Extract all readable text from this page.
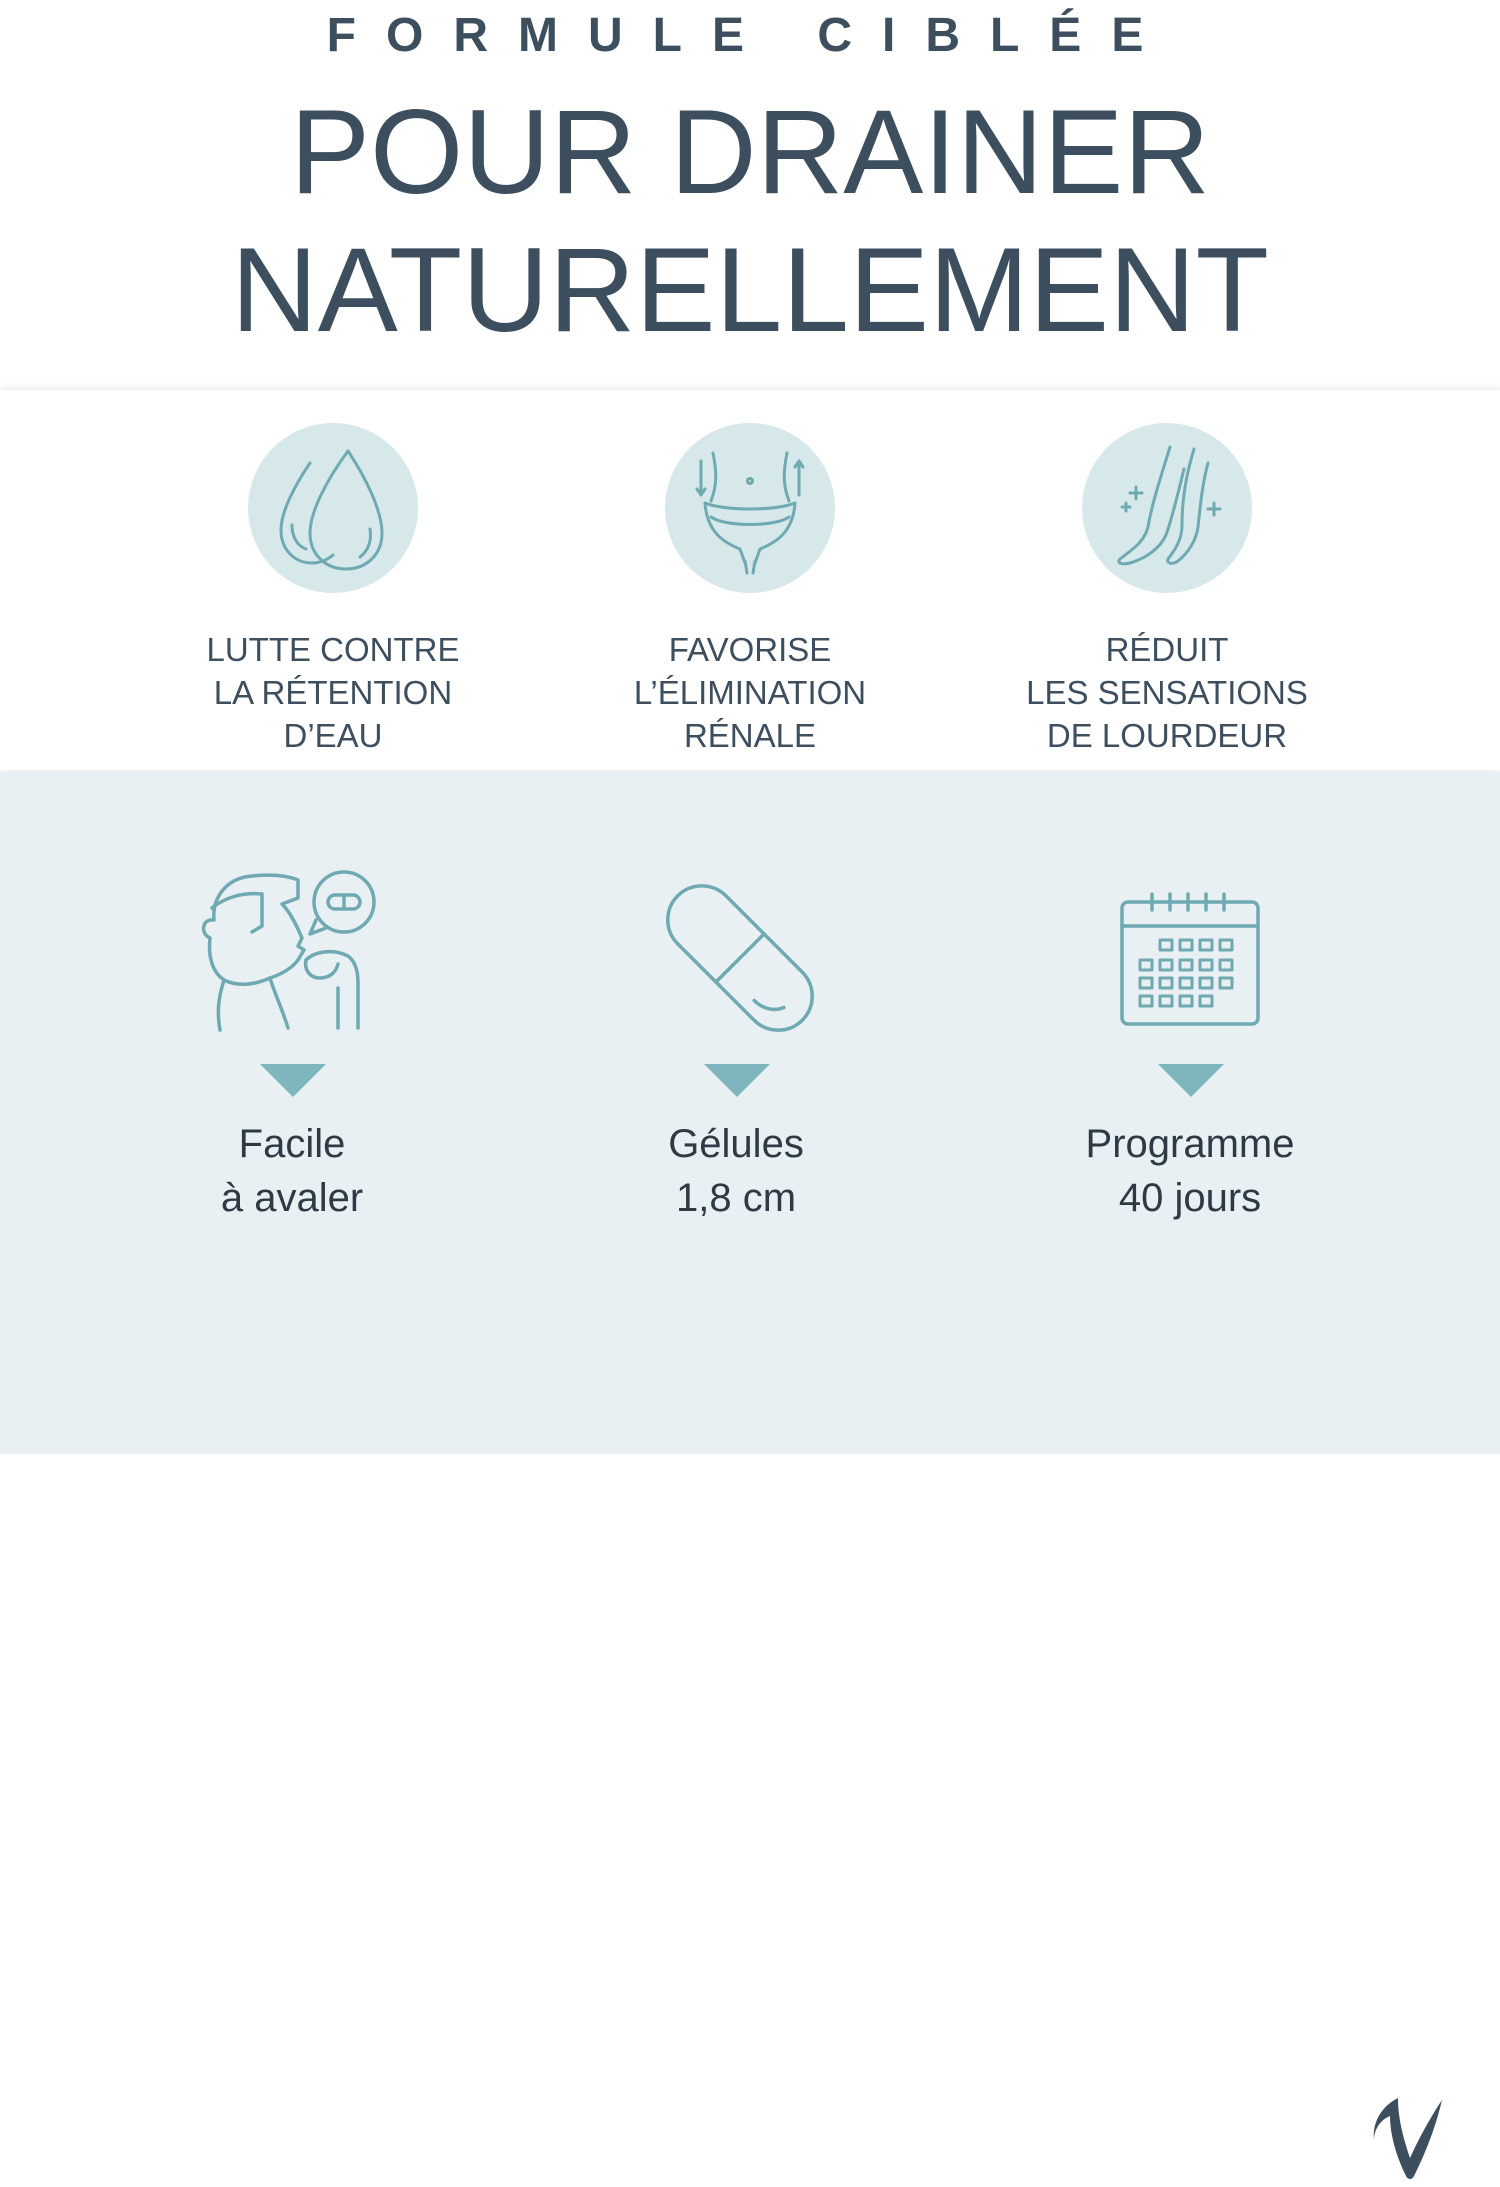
FORMULE CIBLÉE
POUR DRAINER
NATURELLEMENT
LUTTE CONTRE
LA RÉTENTION
D’EAU
FAVORISE
L’ÉLIMINATION
RÉNALE
RÉDUIT
LES SENSATIONS
DE LOURDEUR
Facile
à avaler
Gélules
1,8 cm
Programme
40 jours
